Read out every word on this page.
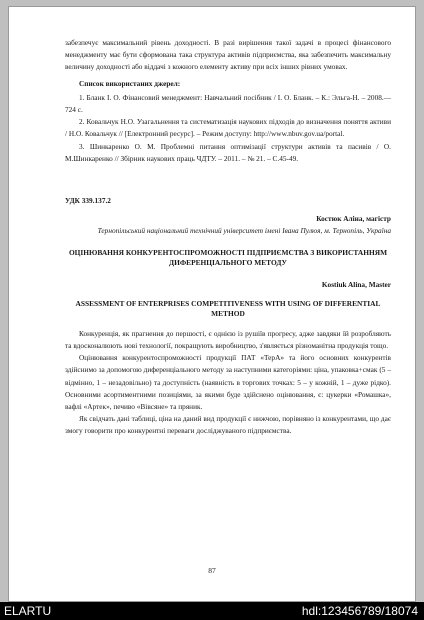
забезпечує максимальний рівень доходності. В разі вирішення такої задачі в процесі фінансового менеджменту має бути сформована така структура активів підприємства, яка забезпечить максимальну величину доходності або віддачі з кожного елементу активу при всіх інших рівних умовах.

Список використаних джерел:

1. Бланк І. О. Фінансовий менеджмент: Навчальний посібник / І. О. Бланк. – К.: Эльга-Н. – 2008.— 724 с.

2. Ковальчук Н.О. Узагальнення та систематизація наукових підходів до визначення поняття активи / Н.О. Ковальчук // [Електронний ресурс]. – Режим доступу: http://www.nbuv.gov.ua/portal.

3. Шинкаренко О. М. Проблемні питання оптимізації структури активів та пасивів / О. М.Шинкаренко // Збірник наукових праць ЧДТУ. – 2011. – № 21. – С.45-49.

УДК 339.137.2
Костюк Аліна, магістр
Тернопільський національний технічний університет імені Івана Пулюя, м. Тернопіль, Україна
ОЦІНЮВАННЯ КОНКУРЕНТОСПРОМОЖНОСТІ ПІДПРИЄМСТВА З ВИКОРИСТАННЯМ ДИФЕРЕНЦІАЛЬНОГО МЕТОДУ
Kostiuk Alina, Master
ASSESSMENT OF ENTERPRISES COMPETITIVENESS WITH USING OF DIFFERENTIAL METHOD

Конкуренція, як прагнення до першості, є однією із рушіїв прогресу, адже завдяки їй розробляють та вдосконалюють нові технології, покращують виробництво, з'являється різноманітна продукція тощо.

Оцінювання конкурентоспроможності продукції ПАТ «ТерА» та його основних конкурентів здійснимо за допомогою диференціального методу за наступними категоріями: ціна, упаковка+смак (5 – відмінно, 1 – незадовільно) та доступність (наявність в торгових точках: 5 – у кожній, 1 – дуже рідко). Основними асортиментними позиціями, за якими буде здійснено оцінювання, є: цукерки «Ромашка», вафлі «Артек», печиво «Вівсяне» та пряник.

Як свідчать дані таблиці, ціна на даний вид продукції є нижчою, порівняно із конкурентами, що дає змогу говорити про конкурентні переваги досліджуваного підприємства.

87
ELARTU	hdl:123456789/18074
